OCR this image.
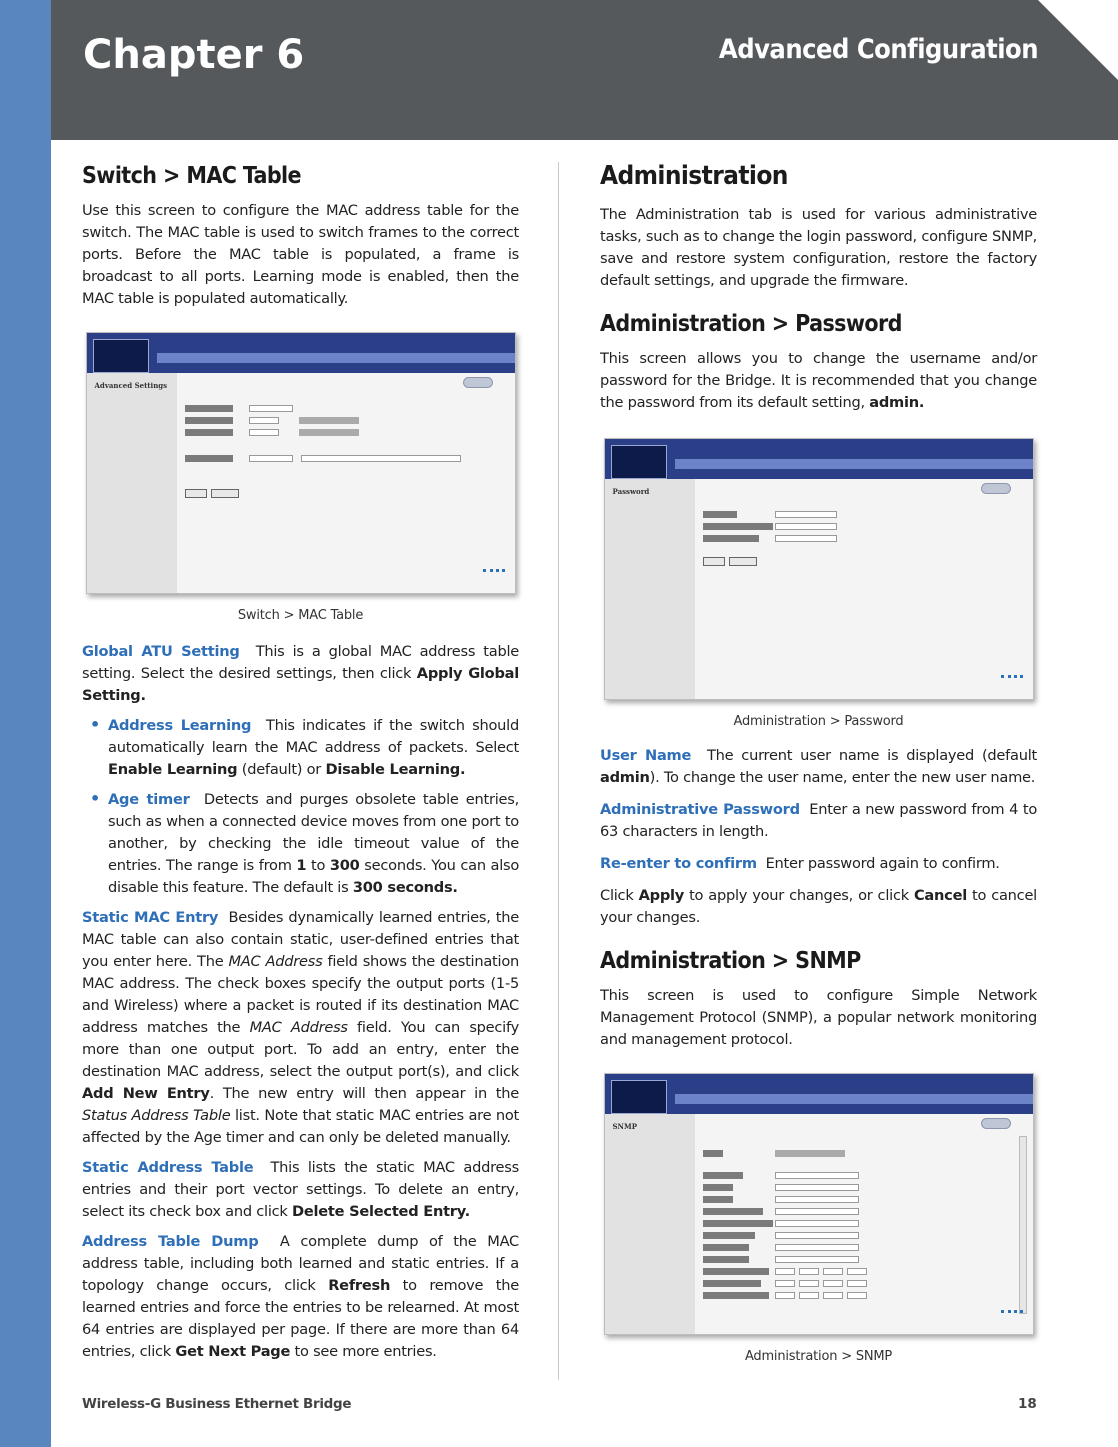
Chapter 6	Advanced Configuration
Switch > MAC Table

Use this screen to configure the MAC address table for the switch. The MAC table is used to switch frames to the correct ports. Before the MAC table is populated, a frame is broadcast to all ports. Learning mode is enabled, then the MAC table is populated automatically.

Advanced Settings
Switch > MAC Table

Global ATU Setting This is a global MAC address table setting. Select the desired settings, then click Apply Global Setting.

• Address Learning This indicates if the switch should automatically learn the MAC address of packets. Select Enable Learning (default) or Disable Learning.

• Age timer Detects and purges obsolete table entries, such as when a connected device moves from one port to another, by checking the idle timeout value of the entries. The range is from 1 to 300 seconds. You can also disable this feature. The default is 300 seconds.

Static MAC Entry Besides dynamically learned entries, the MAC table can also contain static, user-defined entries that you enter here. The MAC Address field shows the destination MAC address. The check boxes specify the output ports (1-5 and Wireless) where a packet is routed if its destination MAC address matches the MAC Address field. You can specify more than one output port. To add an entry, enter the destination MAC address, select the output port(s), and click Add New Entry. The new entry will then appear in the Status Address Table list. Note that static MAC entries are not affected by the Age timer and can only be deleted manually.

Static Address Table This lists the static MAC address entries and their port vector settings. To delete an entry, select its check box and click Delete Selected Entry.

Address Table Dump A complete dump of the MAC address table, including both learned and static entries. If a topology change occurs, click Refresh to remove the learned entries and force the entries to be relearned. At most 64 entries are displayed per page. If there are more than 64 entries, click Get Next Page to see more entries.

Administration

The Administration tab is used for various administrative tasks, such as to change the login password, configure SNMP, save and restore system configuration, restore the factory default settings, and upgrade the firmware.

Administration > Password

This screen allows you to change the username and/or password for the Bridge. It is recommended that you change the password from its default setting, admin.

Password
Administration > Password

User Name The current user name is displayed (default admin). To change the user name, enter the new user name.

Administrative Password Enter a new password from 4 to 63 characters in length.

Re-enter to confirm Enter password again to confirm.

Click Apply to apply your changes, or click Cancel to cancel your changes.

Administration > SNMP

This screen is used to configure Simple Network Management Protocol (SNMP), a popular network monitoring and management protocol.

SNMP
Administration > SNMP
Wireless-G Business Ethernet Bridge	18
